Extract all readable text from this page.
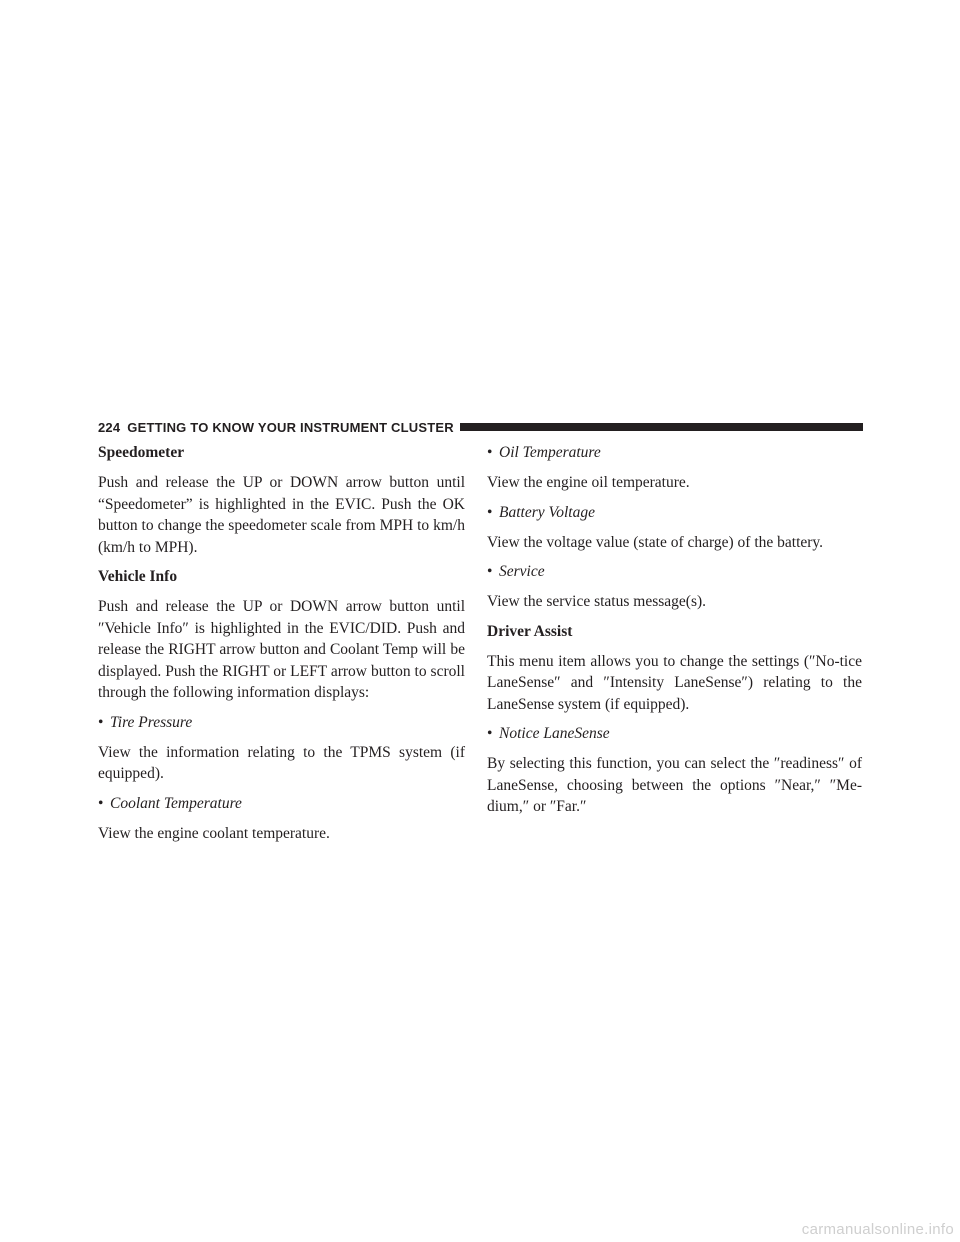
224 GETTING TO KNOW YOUR INSTRUMENT CLUSTER
Speedometer
Push and release the UP or DOWN arrow button until “Speedometer” is highlighted in the EVIC. Push the OK button to change the speedometer scale from MPH to km/h (km/h to MPH).
Vehicle Info
Push and release the UP or DOWN arrow button until ″Vehicle Info″ is highlighted in the EVIC/DID. Push and release the RIGHT arrow button and Coolant Temp will be displayed. Push the RIGHT or LEFT arrow button to scroll through the following information displays:
• Tire Pressure
View the information relating to the TPMS system (if equipped).
• Coolant Temperature
View the engine coolant temperature.
• Oil Temperature
View the engine oil temperature.
• Battery Voltage
View the voltage value (state of charge) of the battery.
• Service
View the service status message(s).
Driver Assist
This menu item allows you to change the settings (″No-tice LaneSense″ and ″Intensity LaneSense″) relating to the LaneSense system (if equipped).
• Notice LaneSense
By selecting this function, you can select the ″readiness″ of LaneSense, choosing between the options ″Near,″ ″Me-dium,″ or ″Far.″
carmanualsonline.info
